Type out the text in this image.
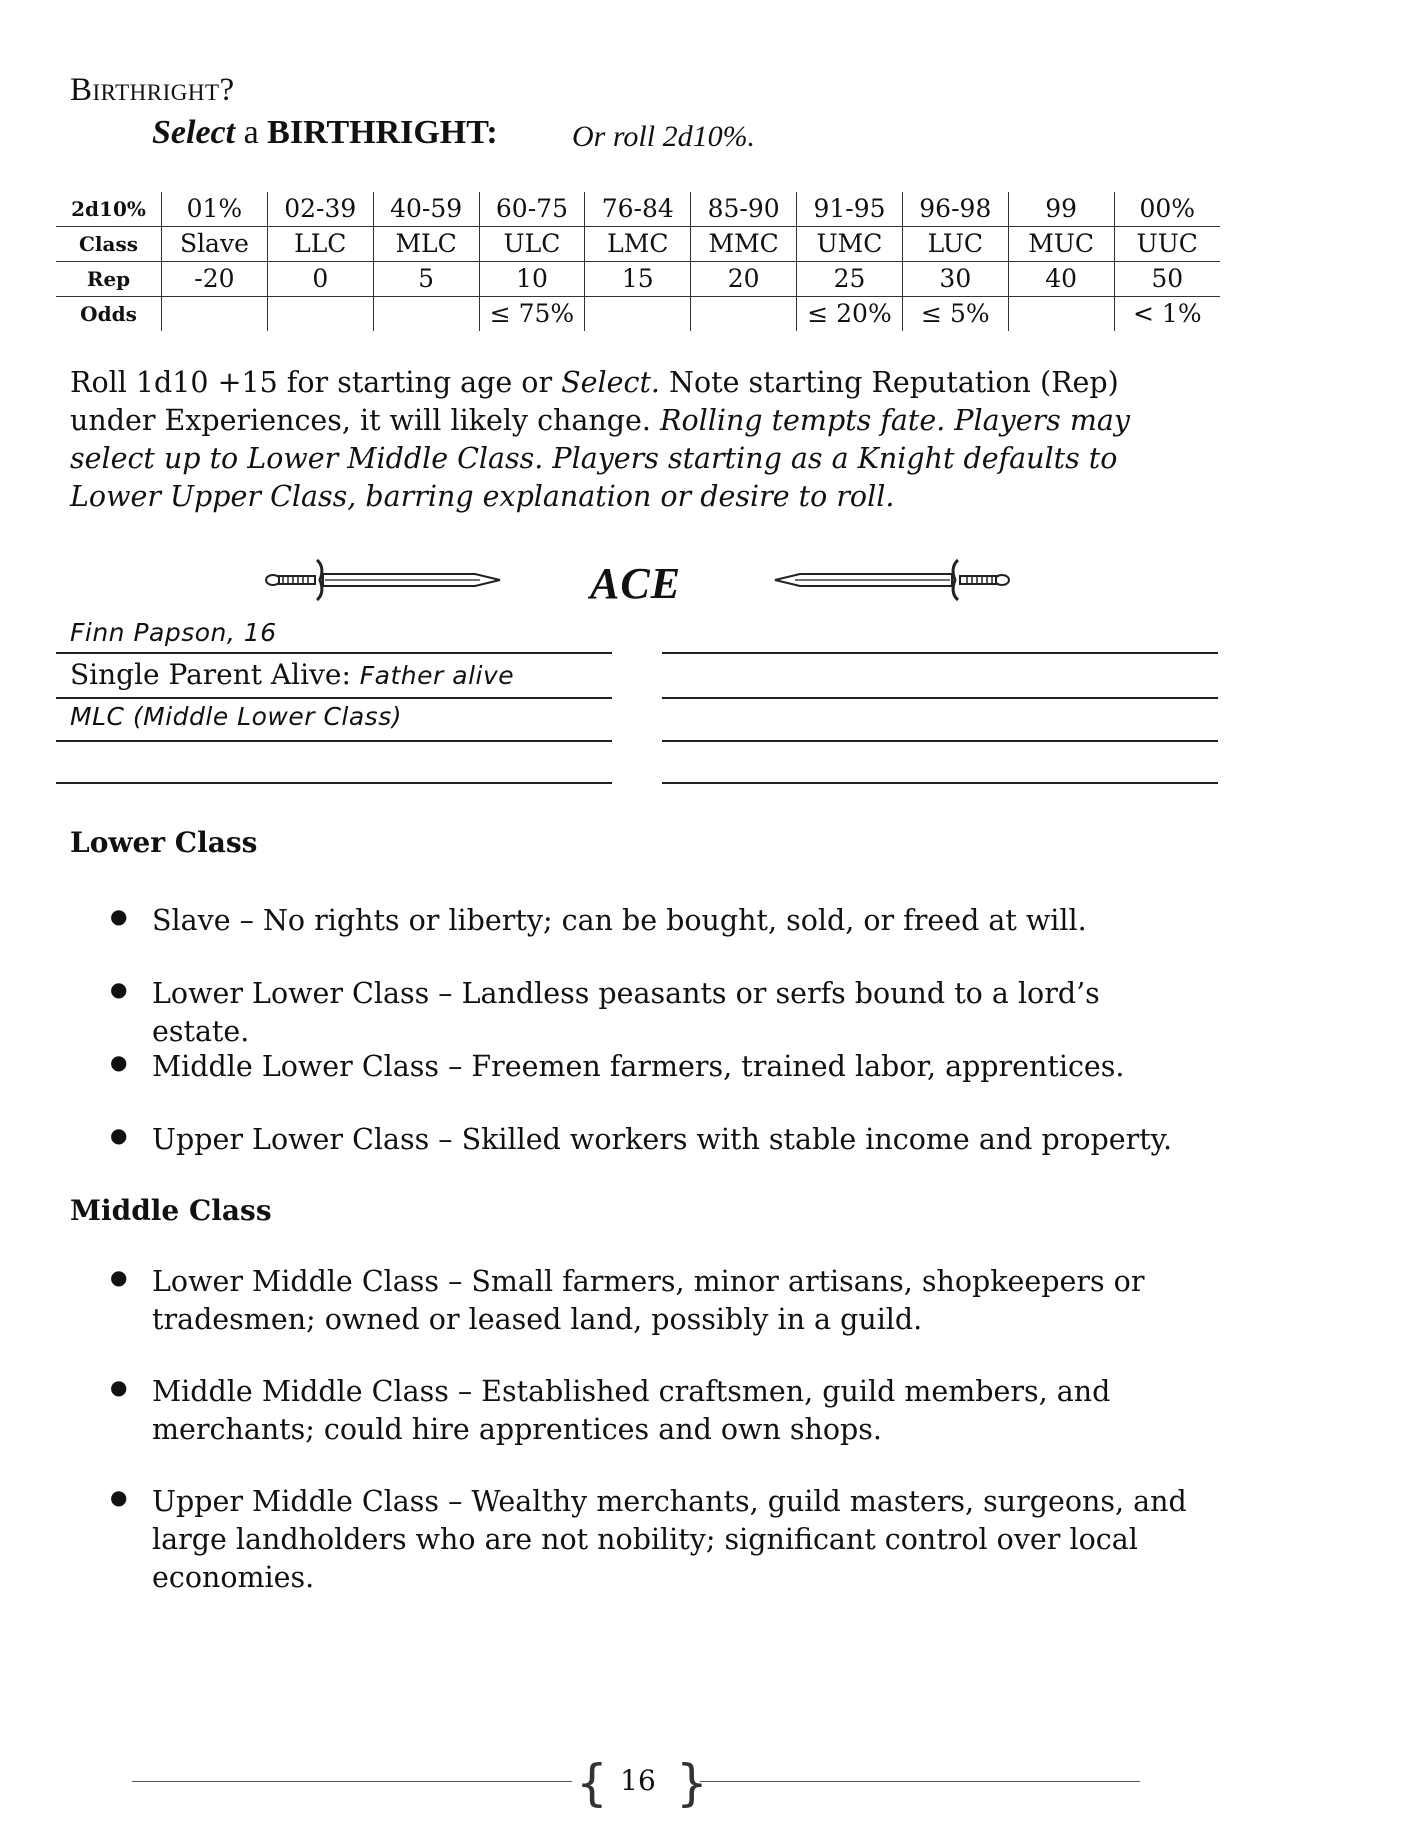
Birthright?
Select a BIRTHRIGHT: Or roll 2d10%.
2d10%	01%	02-39	40-59	60-75	76-84	85-90	91-95	96-98	99	00%
Class	Slave	LLC	MLC	ULC	LMC	MMC	UMC	LUC	MUC	UUC
Rep	-20	0	5	10	15	20	25	30	40	50
Odds				≤ 75%			≤ 20%	≤ 5%		< 1%
Roll 1d10 +15 for starting age or Select. Note starting Reputation (Rep) under Experiences, it will likely change. Rolling tempts fate. Players may select up to Lower Middle Class. Players starting as a Knight defaults to Lower Upper Class, barring explanation or desire to roll.
ACE
Finn Papson, 16
Single Parent Alive: Father alive
MLC (Middle Lower Class)
Lower Class
● Slave – No rights or liberty; can be bought, sold, or freed at will.
● Lower Lower Class – Landless peasants or serfs bound to a lord’s estate.
● Middle Lower Class – Freemen farmers, trained labor, apprentices.
● Upper Lower Class – Skilled workers with stable income and property.
Middle Class
● Lower Middle Class – Small farmers, minor artisans, shopkeepers or tradesmen; owned or leased land, possibly in a guild.
● Middle Middle Class – Established craftsmen, guild members, and merchants; could hire apprentices and own shops.
● Upper Middle Class – Wealthy merchants, guild masters, surgeons, and large landholders who are not nobility; significant control over local economies.
{ 16 }
